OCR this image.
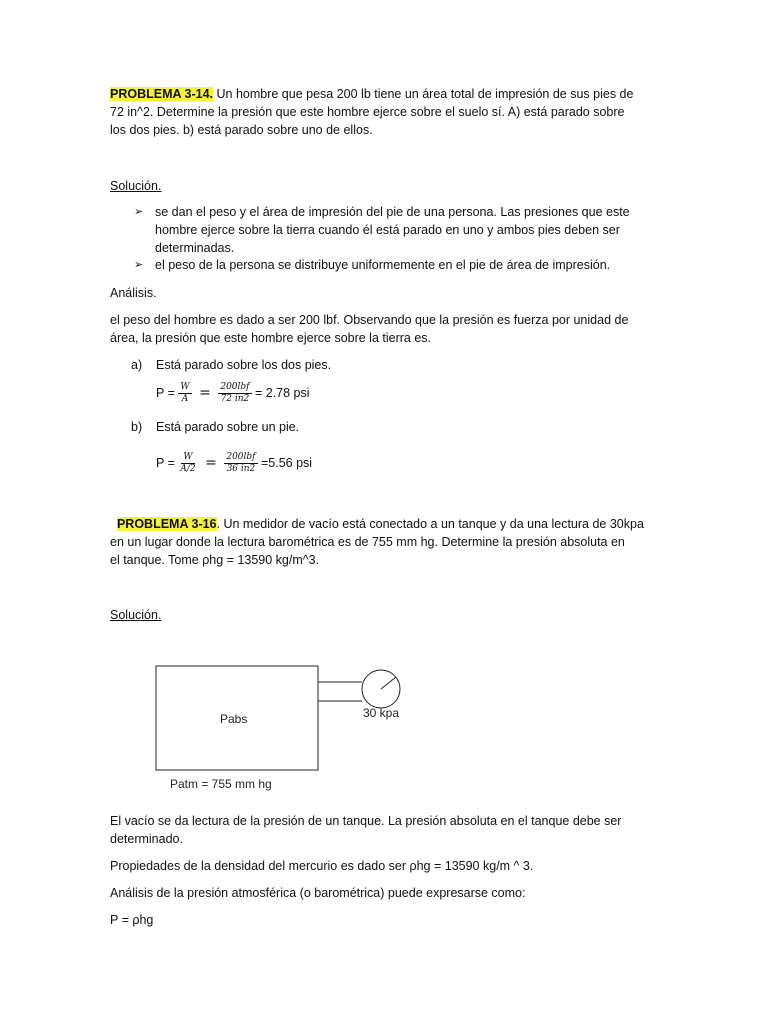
PROBLEMA 3-14. Un hombre que pesa 200 lb tiene un área total de impresión de sus pies de
72 in^2. Determine la presión que este hombre ejerce sobre el suelo sí. A) está parado sobre
los dos pies. b) está parado sobre uno de ellos.
Solución.
➢ se dan el peso y el área de impresión del pie de una persona. Las presiones que este
hombre ejerce sobre la tierra cuando él está parado en uno y ambos pies deben ser
determinadas.
➢ el peso de la persona se distribuye uniformemente en el pie de área de impresión.
Análisis.
el peso del hombre es dado a ser 200 lbf. Observando que la presión es fuerza por unidad de
área, la presión que este hombre ejerce sobre la tierra es.
a) Está parado sobre los dos pies.
$P = \frac{W}{A} = \frac{\text{200lbf}}{72 in2} = 2.78$ psi
b) Está parado sobre un pie.
$P = \frac{W}{A/2} = \frac{\text{200lbf}}{36 in2} =5.56$ psi
PROBLEMA 3-16. Un medidor de vacío está conectado a un tanque y da una lectura de 30kpa
en un lugar donde la lectura barométrica es de 755 mm hg. Determine la presión absoluta en
el tanque. Tome ρhg = 13590 kg/m^3.
Solución.
Pabs	30 kpa
Patm = 755 mm hg
El vacío se da lectura de la presión de un tanque. La presión absoluta en el tanque debe ser
determinado.
Propiedades de la densidad del mercurio es dado ser ρhg = 13590 kg/m ^ 3.
Análisis de la presión atmosférica (o barométrica) puede expresarse como:
P = ρhg
